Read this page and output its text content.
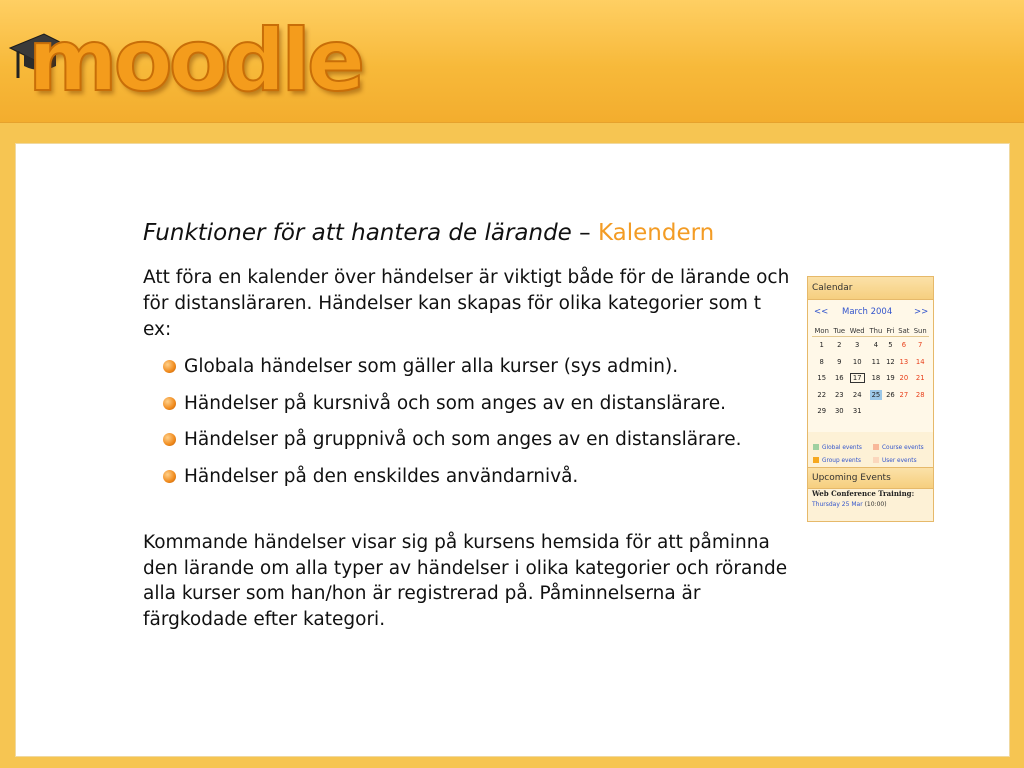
moodle
Funktioner för att hantera de lärande – Kalendern
Att föra en kalender över händelser är viktigt både för de lärande och för distansläraren. Händelser kan skapas för olika kategorier som t ex:
Globala händelser som gäller alla kurser (sys admin).
Händelser på kursnivå och som anges av en distanslärare.
Händelser på gruppnivå och som anges av en distanslärare.
Händelser på den enskildes användarnivå.
Kommande händelser visar sig på kursens hemsida för att påminna den lärande om alla typer av händelser i olika kategorier och rörande alla kurser som han/hon är registrerad på. Påminnelserna är färgkodade efter kategori.
Calendar
<< March 2004	>>
Mon	Tue	Wed	Thu	Fri	Sat	Sun
1	2	3	4	5	6	7
8	9	10	11	12	13	14
15	16	17	18	19	20	21
22	23	24	25	26	27	28
29	30	31				
Global events	Course events
Group events	User events
Upcoming Events
Web Conference Training:
Thursday 25 Mar (10:00)
